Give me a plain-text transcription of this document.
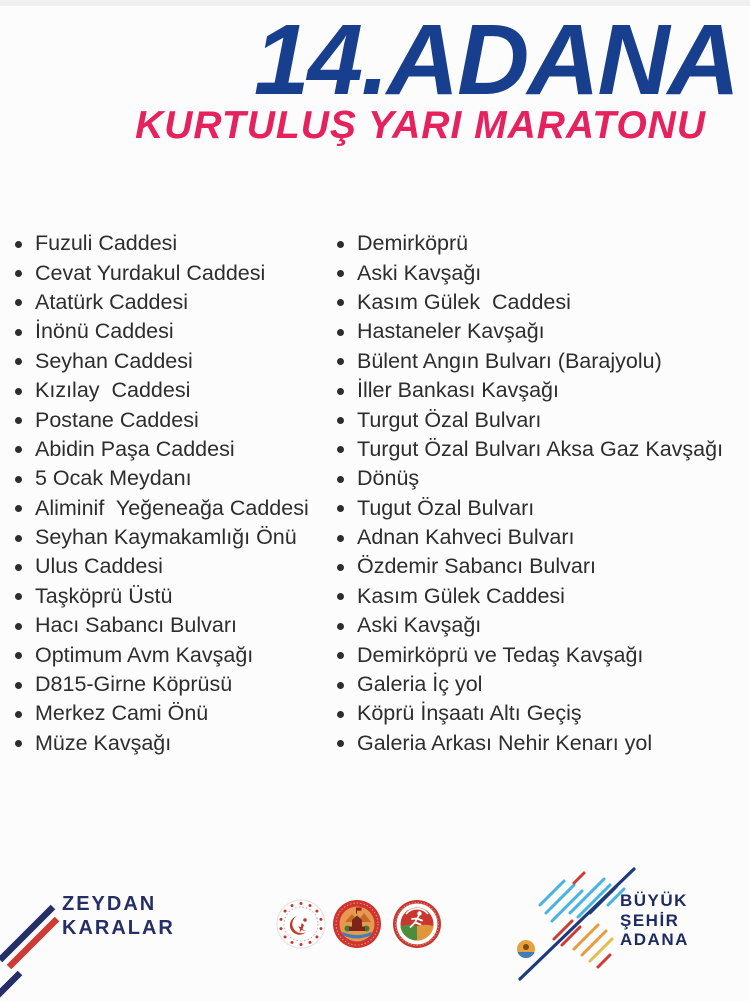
14.ADANA
KURTULUŞ YARI MARATONU
Fuzuli Caddesi
Cevat Yurdakul Caddesi
Atatürk Caddesi
İnönü Caddesi
Seyhan Caddesi
Kızılay  Caddesi
Postane Caddesi
Abidin Paşa Caddesi
5 Ocak Meydanı
Aliminif  Yeğeneağa Caddesi
Seyhan Kaymakamlığı Önü
Ulus Caddesi
Taşköprü Üstü
Hacı Sabancı Bulvarı
Optimum Avm Kavşağı
D815-Girne Köprüsü
Merkez Cami Önü
Müze Kavşağı
Demirköprü
Aski Kavşağı
Kasım Gülek  Caddesi
Hastaneler Kavşağı
Bülent Angın Bulvarı (Barajyolu)
İller Bankası Kavşağı
Turgut Özal Bulvarı
Turgut Özal Bulvarı Aksa Gaz Kavşağı
Dönüş
Tugut Özal Bulvarı
Adnan Kahveci Bulvarı
Özdemir Sabancı Bulvarı
Kasım Gülek Caddesi
Aski Kavşağı
Demirköprü ve Tedaş Kavşağı
Galeria İç yol
Köprü İnşaatı Altı Geçiş
Galeria Arkası Nehir Kenarı yol
ZEYDAN
KARALAR
BÜYÜK
ŞEHİR
ADANA
